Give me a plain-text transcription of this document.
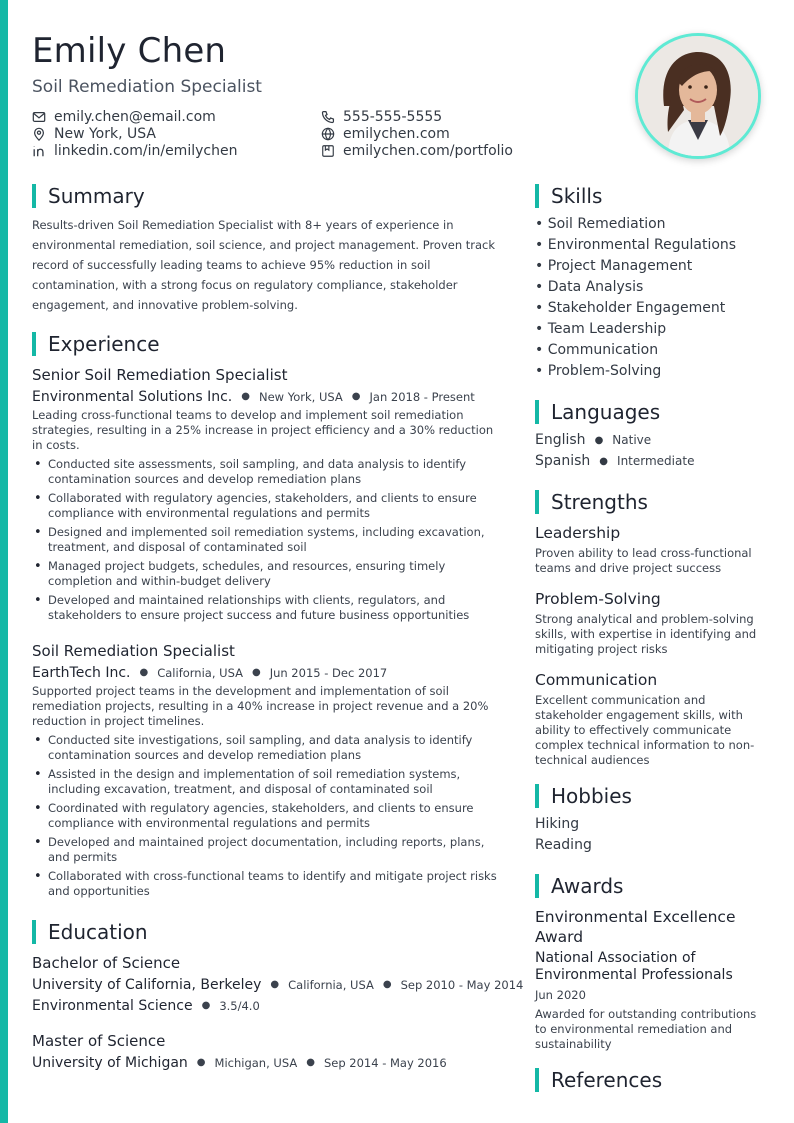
Emily Chen
Soil Remediation Specialist
emily.chen@email.com	555-555-5555
New York, USA	emilychen.com
linkedin.com/in/emilychen	emilychen.com/portfolio
Summary
Results-driven Soil Remediation Specialist with 8+ years of experience in environmental remediation, soil science, and project management. Proven track record of successfully leading teams to achieve 95% reduction in soil contamination, with a strong focus on regulatory compliance, stakeholder engagement, and innovative problem-solving.
Experience
Senior Soil Remediation Specialist
Environmental Solutions Inc. ● New York, USA ● Jan 2018 - Present
Leading cross-functional teams to develop and implement soil remediation strategies, resulting in a 25% increase in project efficiency and a 30% reduction in costs.
• Conducted site assessments, soil sampling, and data analysis to identify contamination sources and develop remediation plans
• Collaborated with regulatory agencies, stakeholders, and clients to ensure compliance with environmental regulations and permits
• Designed and implemented soil remediation systems, including excavation, treatment, and disposal of contaminated soil
• Managed project budgets, schedules, and resources, ensuring timely completion and within-budget delivery
• Developed and maintained relationships with clients, regulators, and stakeholders to ensure project success and future business opportunities
Soil Remediation Specialist
EarthTech Inc. ● California, USA ● Jun 2015 - Dec 2017
Supported project teams in the development and implementation of soil remediation projects, resulting in a 40% increase in project revenue and a 20% reduction in project timelines.
• Conducted site investigations, soil sampling, and data analysis to identify contamination sources and develop remediation plans
• Assisted in the design and implementation of soil remediation systems, including excavation, treatment, and disposal of contaminated soil
• Coordinated with regulatory agencies, stakeholders, and clients to ensure compliance with environmental regulations and permits
• Developed and maintained project documentation, including reports, plans, and permits
• Collaborated with cross-functional teams to identify and mitigate project risks and opportunities
Education
Bachelor of Science
University of California, Berkeley ● California, USA ● Sep 2010 - May 2014
Environmental Science ● 3.5/4.0
Master of Science
University of Michigan ● Michigan, USA ● Sep 2014 - May 2016
Skills
• Soil Remediation
• Environmental Regulations
• Project Management
• Data Analysis
• Stakeholder Engagement
• Team Leadership
• Communication
• Problem-Solving
Languages
English ● Native
Spanish ● Intermediate
Strengths
Leadership
Proven ability to lead cross-functional teams and drive project success
Problem-Solving
Strong analytical and problem-solving skills, with expertise in identifying and mitigating project risks
Communication
Excellent communication and stakeholder engagement skills, with ability to effectively communicate complex technical information to non-technical audiences
Hobbies
Hiking
Reading
Awards
Environmental Excellence Award
National Association of Environmental Professionals
Jun 2020
Awarded for outstanding contributions to environmental remediation and sustainability
References
